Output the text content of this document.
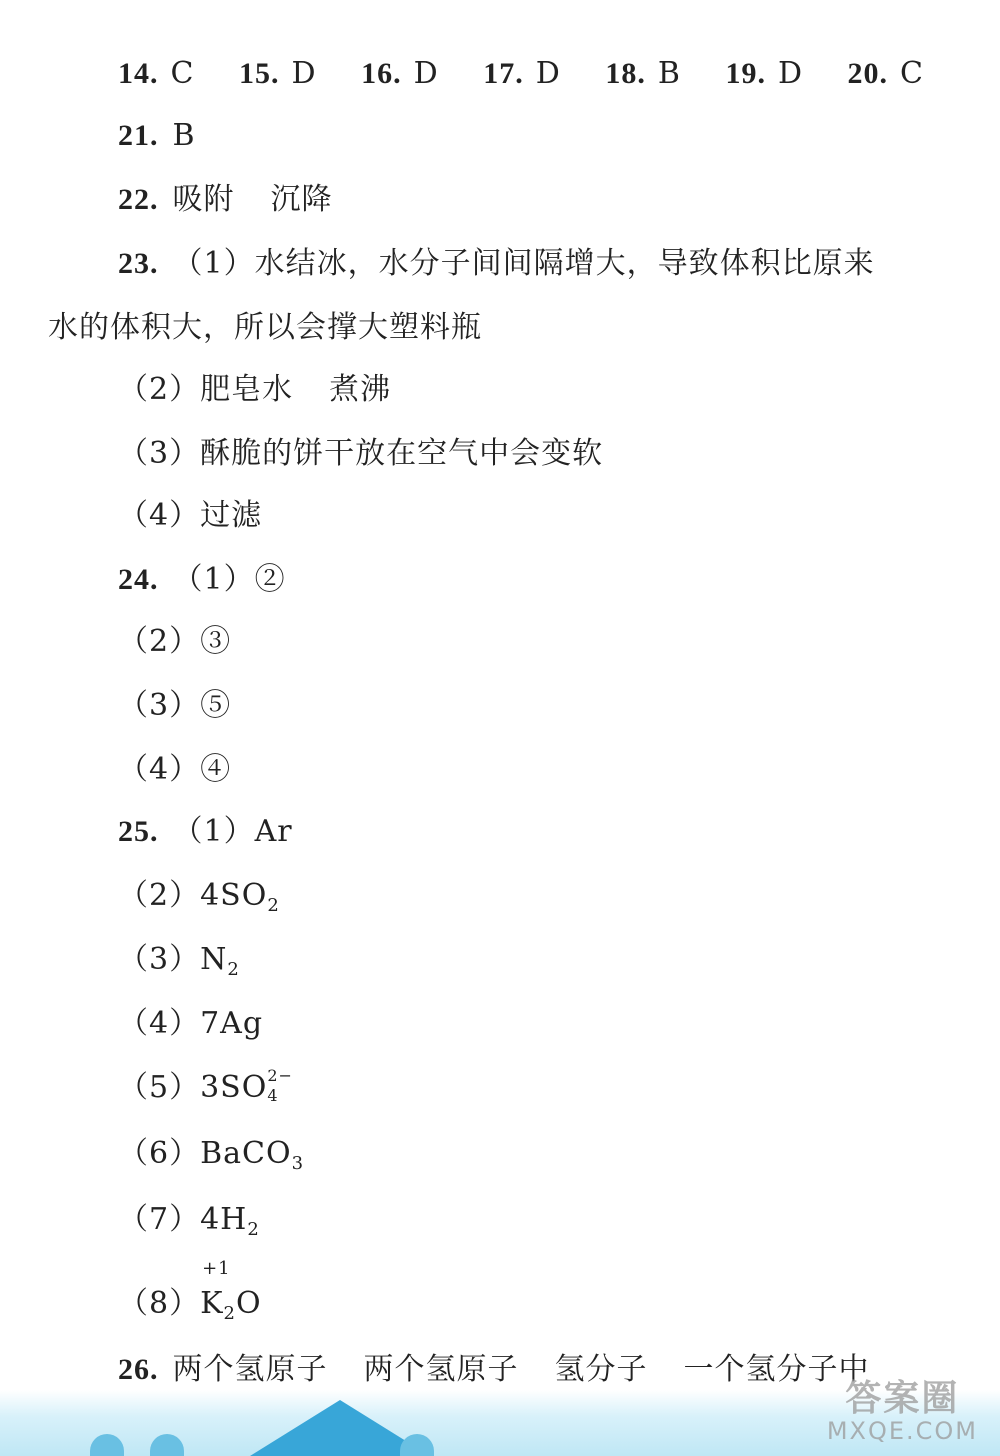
14. C 15. D 16. D 17. D 18. B 19. D 20. C
21. B
22. 吸附 沉降
23. （1）水结冰，水分子间间隔增大，导致体积比原来
水的体积大，所以会撑大塑料瓶
（2）肥皂水 煮沸
（3）酥脆的饼干放在空气中会变软
（4）过滤
24. （1）②
（2）③
（3）⑤
（4）④
25. （1）Ar
$(2)4SO_2$
$(3)N_2$
（4）7Ag
（5）3SO 2−
4
（6）BaCO$_3$
$(7)4H_2$
（8）
+1
$K_2O$
26. 两个氢原子 两个氢原子 氢分子 一个氢分子中
答案圈
MXQE.COM
